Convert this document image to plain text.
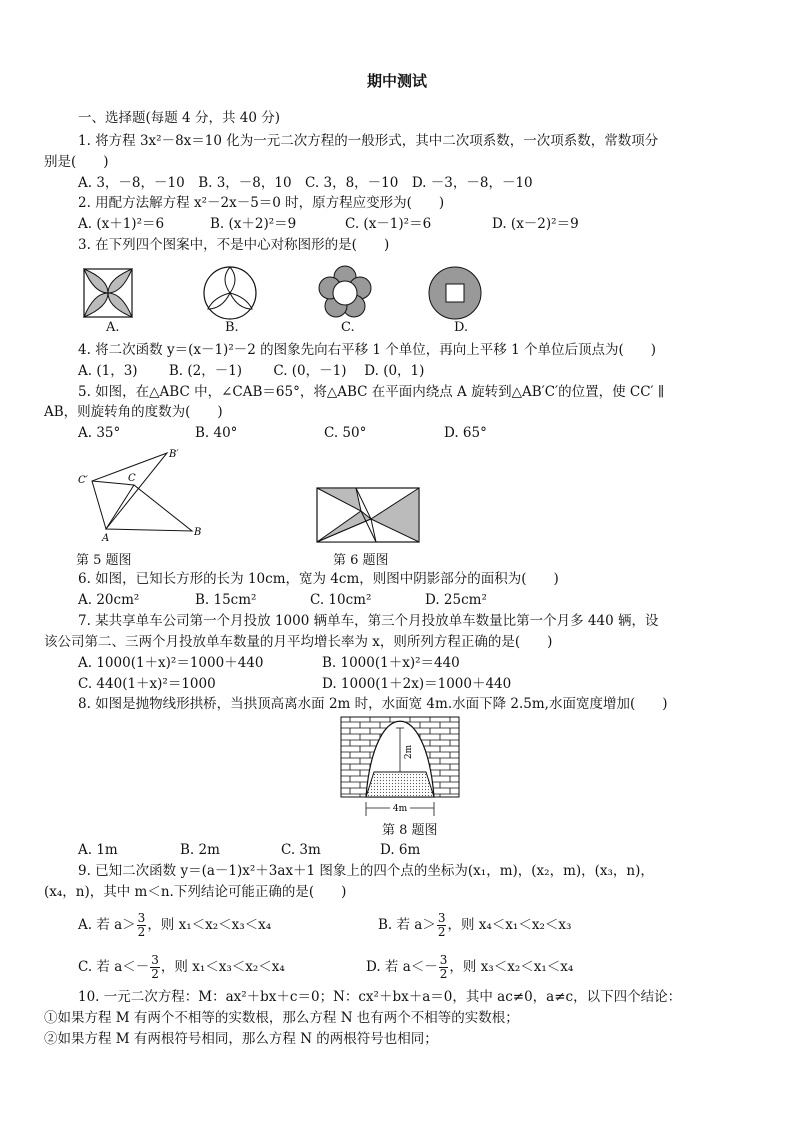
期中测试
一、选择题(每题 4 分，共 40 分)
1. 将方程 3x²－8x＝10 化为一元二次方程的一般形式，其中二次项系数，一次项系数，常数项分
别是(　　)
A. 3，－8，－10　B. 3，－8，10　C. 3，8，－10　D. －3，－8，－10
2. 用配方法解方程 x²－2x－5＝0 时，原方程应变形为(　　)
A. (x＋1)²＝6	B. (x＋2)²＝9	C. (x－1)²＝6	D. (x－2)²＝9
3. 在下列四个图案中，不是中心对称图形的是(　　)
A.	B.	C.	D.
4. 将二次函数 y＝(x－1)²－2 的图象先向右平移 1 个单位，再向上平移 1 个单位后顶点为(　　)
A. (1，3)　　 B. (2，－1)　　 C. (0，－1)　 D. (0，1)
5. 如图，在△ABC 中，∠CAB＝65°，将△ABC 在平面内绕点 A 旋转到△AB′C′的位置，使 CC′ ∥
AB，则旋转角的度数为(　　)
A. 35°	B. 40°	C. 50°	D. 65°
C′
B′
C
A
B
第 5 题图	第 6 题图
6. 如图，已知长方形的长为 10cm，宽为 4cm，则图中阴影部分的面积为(　　)
A. 20cm²	B. 15cm²	C. 10cm²	D. 25cm²
7. 某共享单车公司第一个月投放 1000 辆单车，第三个月投放单车数量比第一个月多 440 辆，设
该公司第二、三两个月投放单车数量的月平均增长率为 x，则所列方程正确的是(　　)
A. 1000(1＋x)²＝1000＋440	B. 1000(1＋x)²＝440
C. 440(1＋x)²＝1000	D. 1000(1＋2x)＝1000＋440
8. 如图是抛物线形拱桥，当拱顶高离水面 2m 时，水面宽 4m.水面下降 2.5m,水面宽度增加(　　)
2m
4m
第 8 题图
A. 1m	B. 2m	C. 3m	D. 6m
9. 已知二次函数 y＝(a－1)x²＋3ax＋1 图象上的四个点的坐标为(x₁，m)，(x₂，m)，(x₃，n)，
(x₄，n)，其中 m＜n.下列结论可能正确的是(　　)
A. 若 $a> \frac{3}{2}$ ，则 x₁＜x₂＜x₃＜x₄	B. 若 $a> \frac{3}{2}$ ，则 x₄＜x₁＜x₂＜x₃
C. 若 $a<- \frac{3}{2}$ ，则 x₁＜x₃＜x₂＜x₄	D. 若 $a<- \frac{3}{2}$ ，则 x₃＜x₂＜x₁＜x₄
10. 一元二次方程：M：ax²＋bx＋c＝0；N：cx²＋bx＋a＝0，其中 ac≠0，a≠c，以下四个结论：
①如果方程 M 有两个不相等的实数根，那么方程 N 也有两个不相等的实数根；
②如果方程 M 有两根符号相同，那么方程 N 的两根符号也相同；
